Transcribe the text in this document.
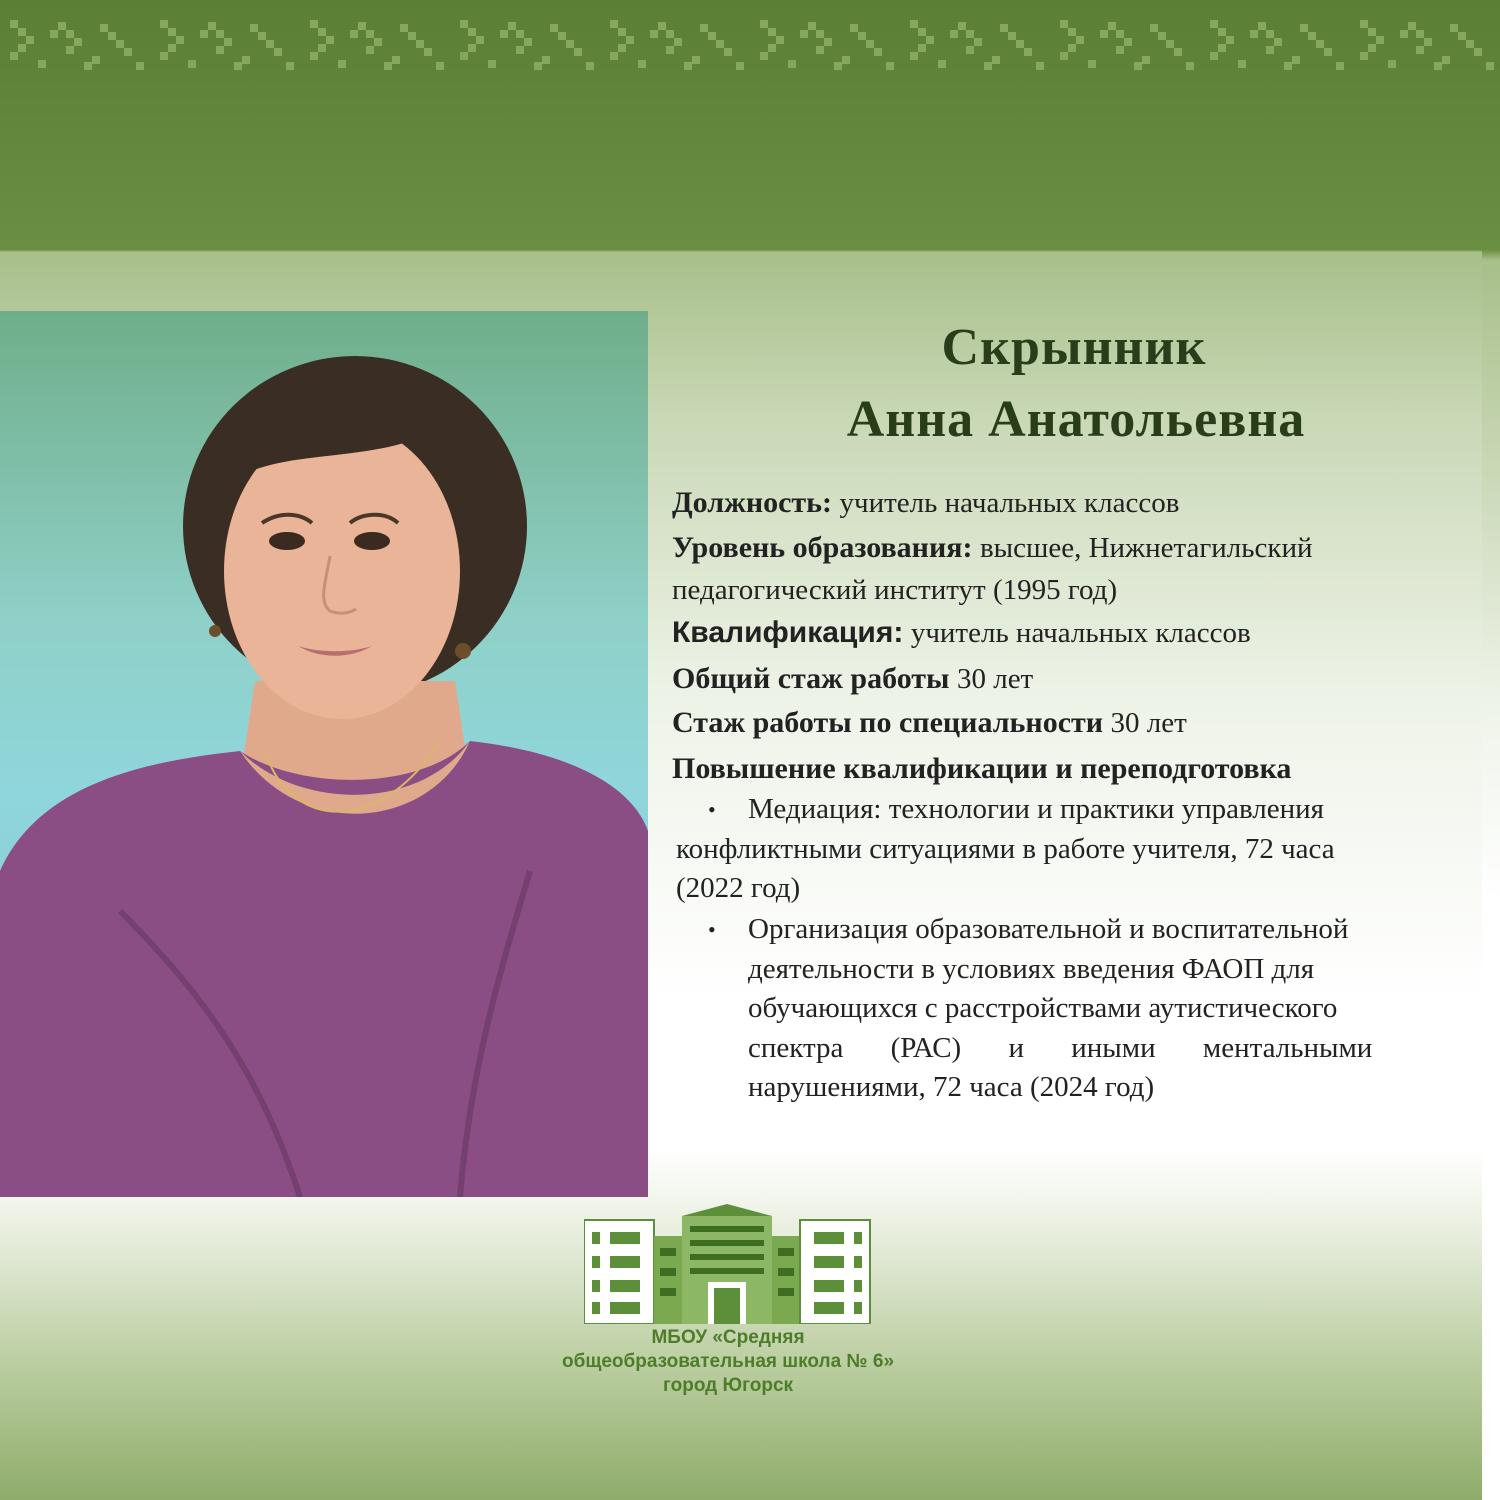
Скрынник
Анна Анатольевна
Должность: учитель начальных классов
Уровень образования: высшее, Нижнетагильский
педагогический институт (1995 год)
Квалификация: учитель начальных классов
Общий стаж работы 30 лет
Стаж работы по специальности 30 лет
Повышение квалификации и переподготовка
•	Медиация: технологии и практики управления
конфликтными ситуациями в работе учителя, 72 часа
(2022 год)
•	Организация образовательной и воспитательной
деятельности в условиях введения ФАОП для
обучающихся с расстройствами аутистического
спектра (РАС) и иными ментальными
нарушениями, 72 часа (2024 год)
МБОУ «Средняя
общеобразовательная школа № 6»
город Югорск
